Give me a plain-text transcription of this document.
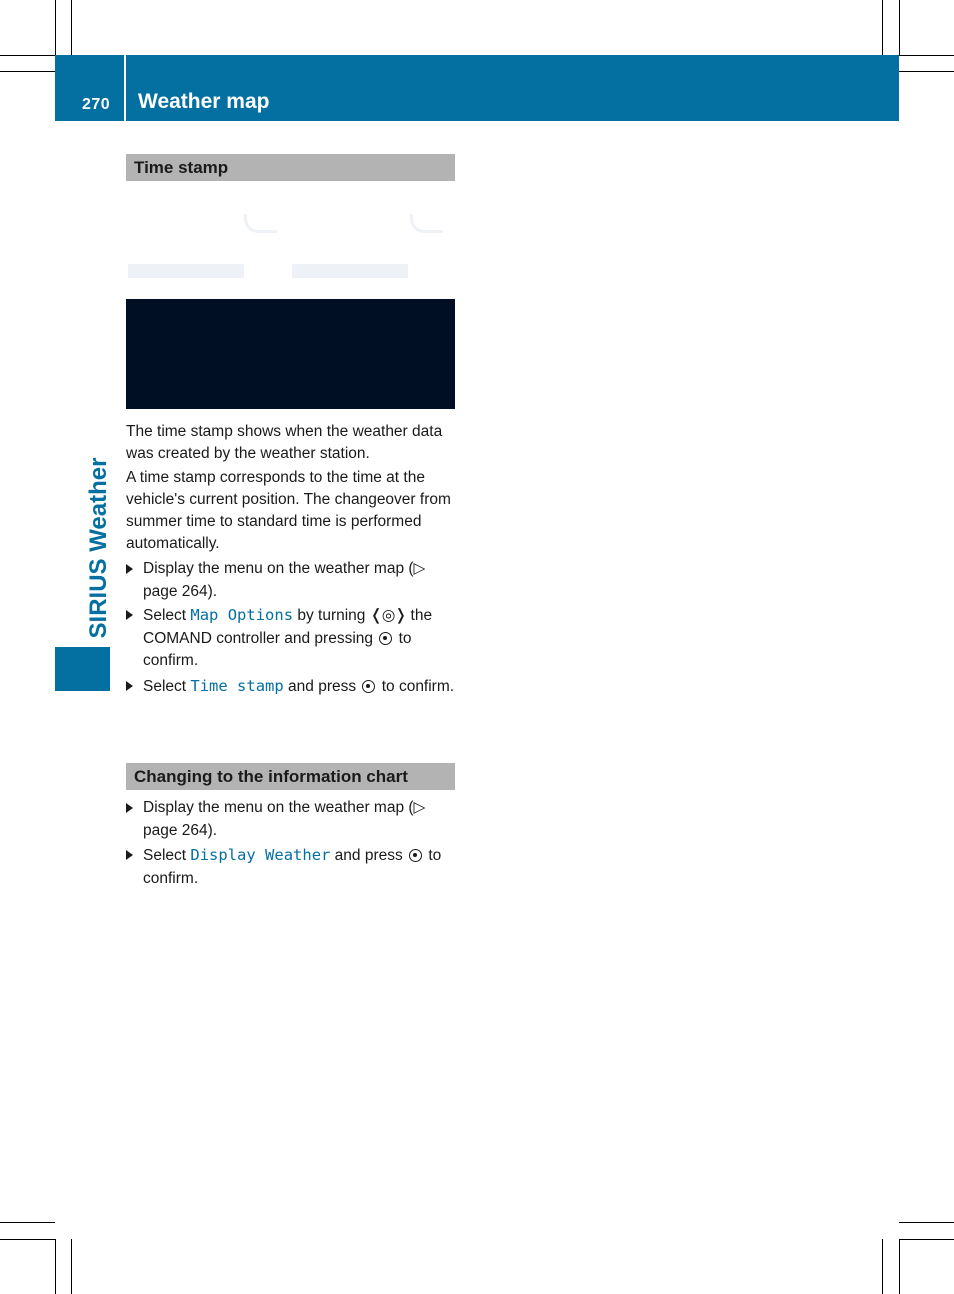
270 Weather map
SIRIUS Weather
Time stamp

The time stamp shows when the weather data was created by the weather station.

A time stamp corresponds to the time at the vehicle's current position. The changeover from summer time to standard time is performed automatically.

Display the menu on the weather map (▷ page 264).
Select Map Options by turning ❬◎❭ the COMAND controller and pressing  to confirm.
Select Time stamp and press  to confirm.
Changing to the information chart
Display the menu on the weather map (▷ page 264).
Select Display Weather and press  to confirm.
